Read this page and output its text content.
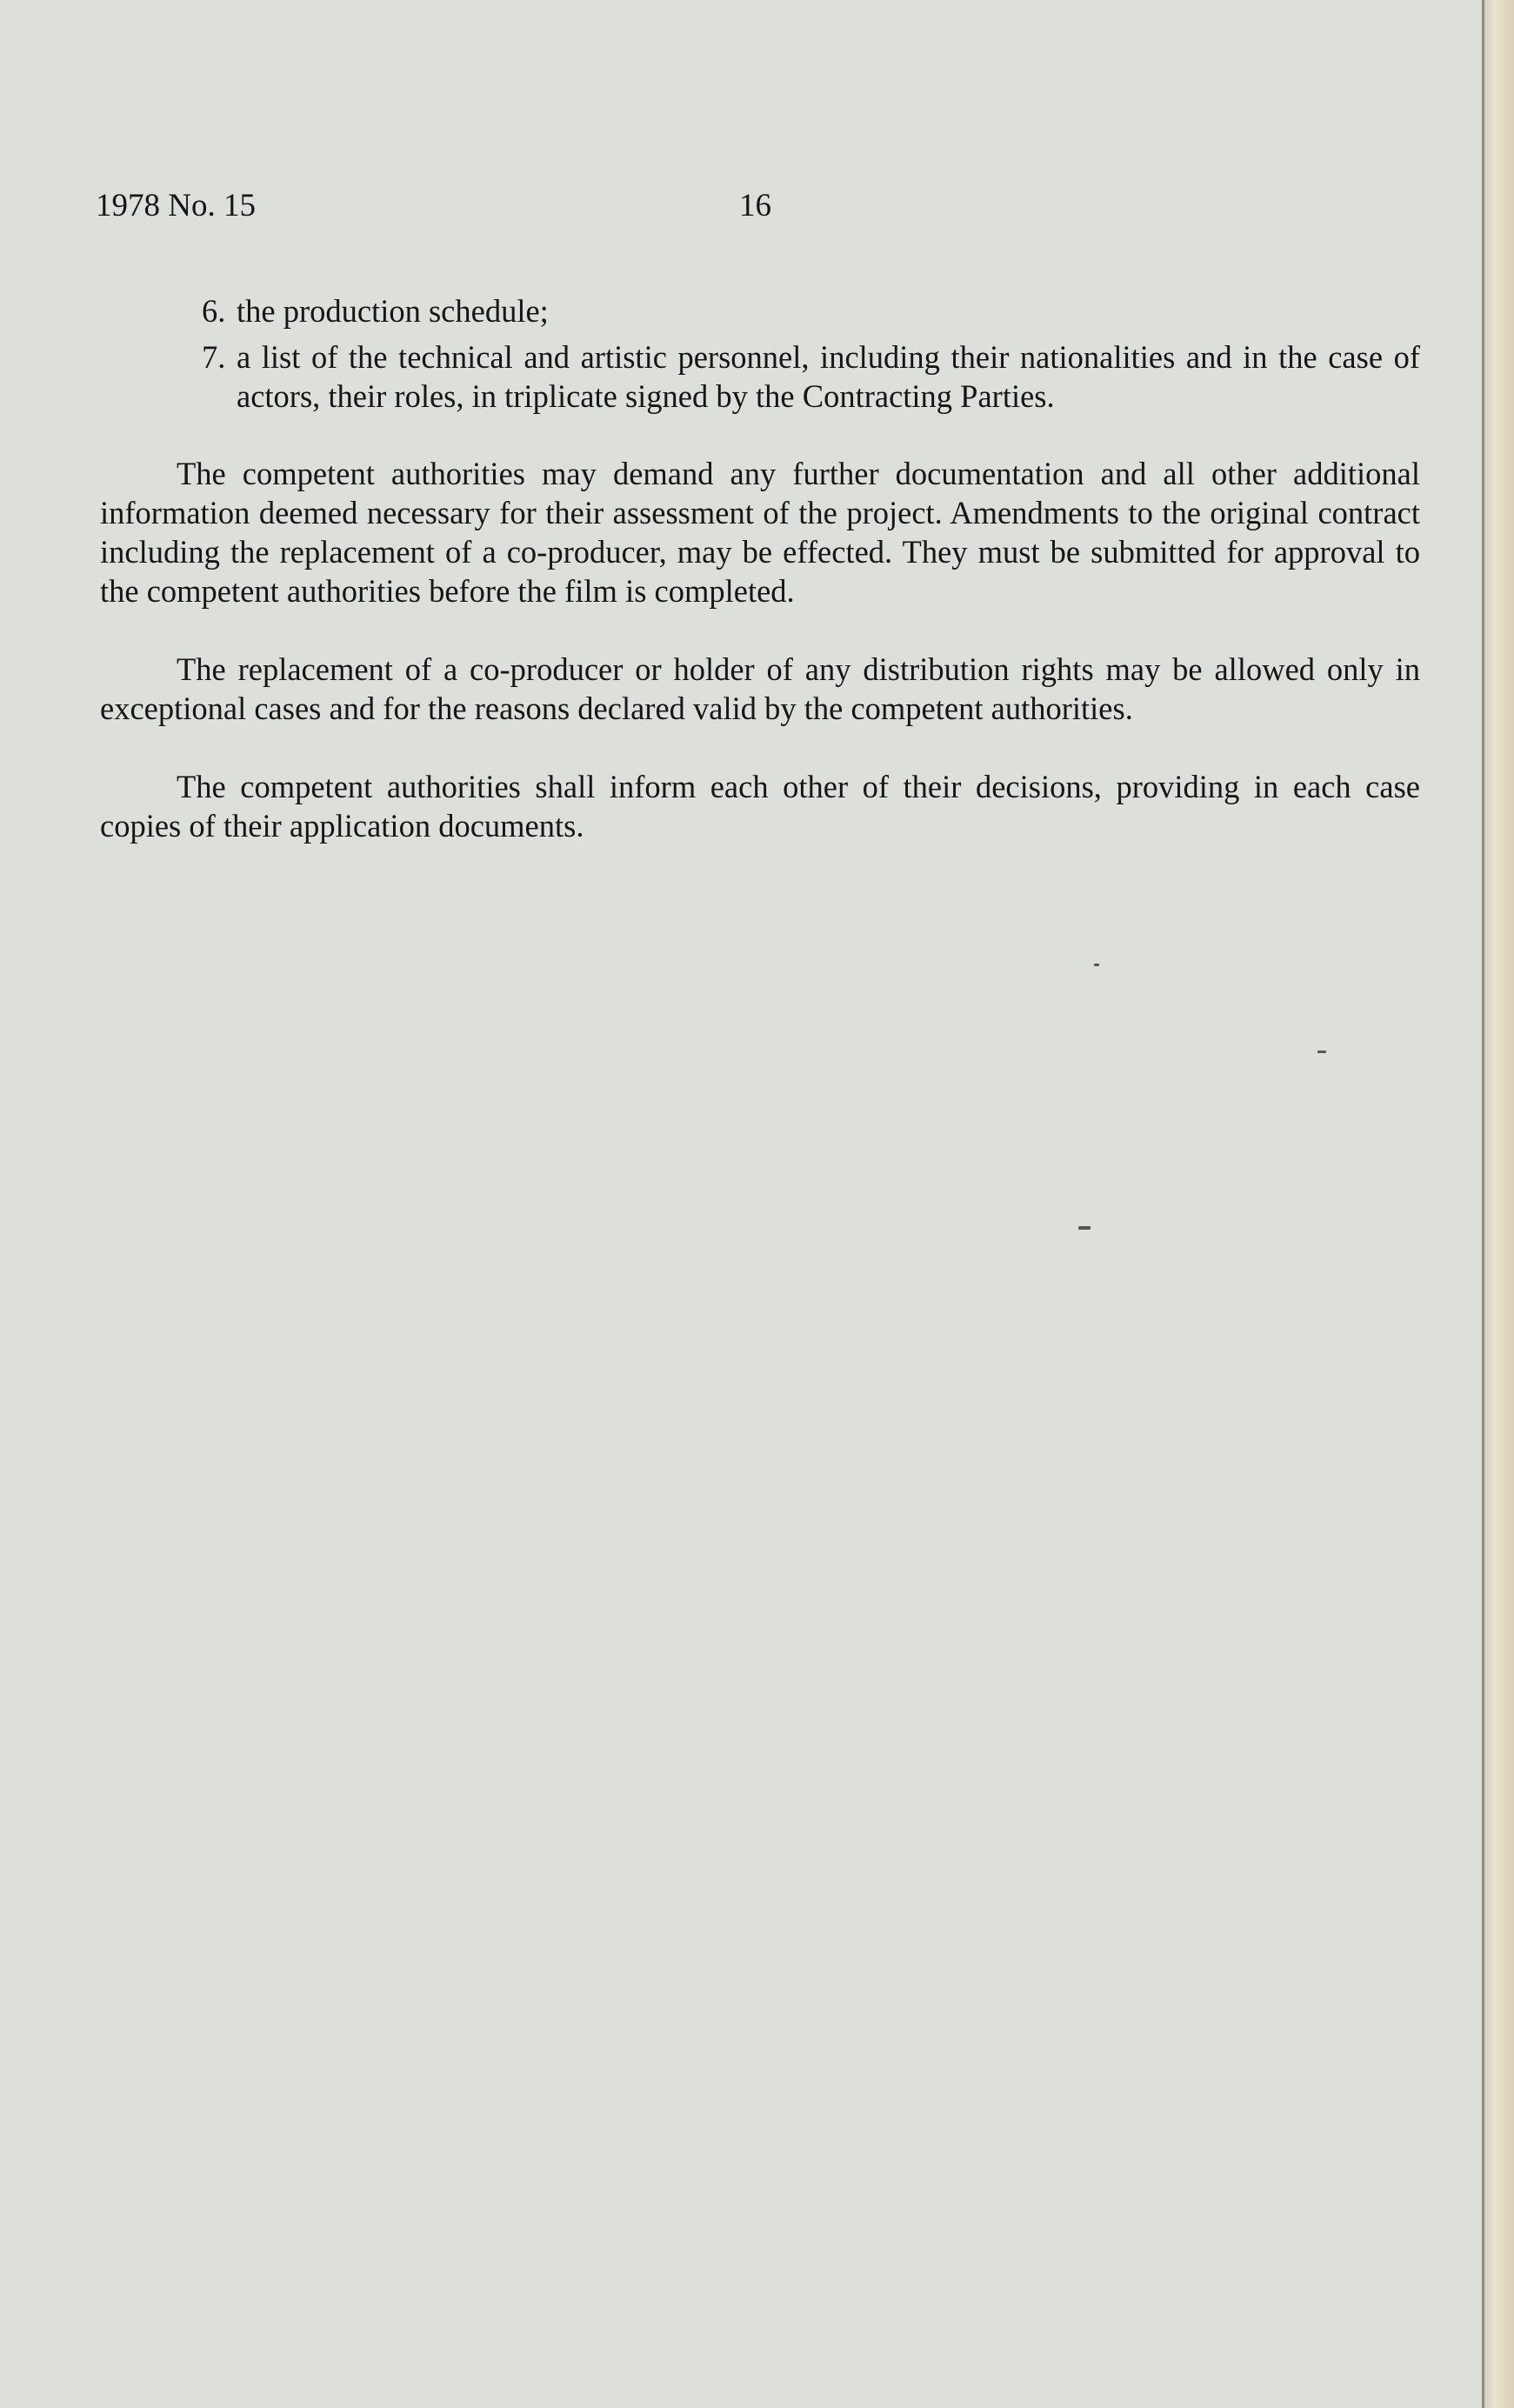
1978 No. 15	16
6. the production schedule;
7. a list of the technical and artistic personnel, including their nationalities and in the case of actors, their roles, in triplicate signed by the Contracting Parties.

The competent authorities may demand any further documentation and all other additional information deemed necessary for their assessment of the project. Amendments to the original contract including the replacement of a co-producer, may be effected. They must be submitted for approval to the competent authorities before the film is completed.

The replacement of a co-producer or holder of any distribution rights may be allowed only in exceptional cases and for the reasons declared valid by the competent authorities.

The competent authorities shall inform each other of their decisions, providing in each case copies of their application documents.
